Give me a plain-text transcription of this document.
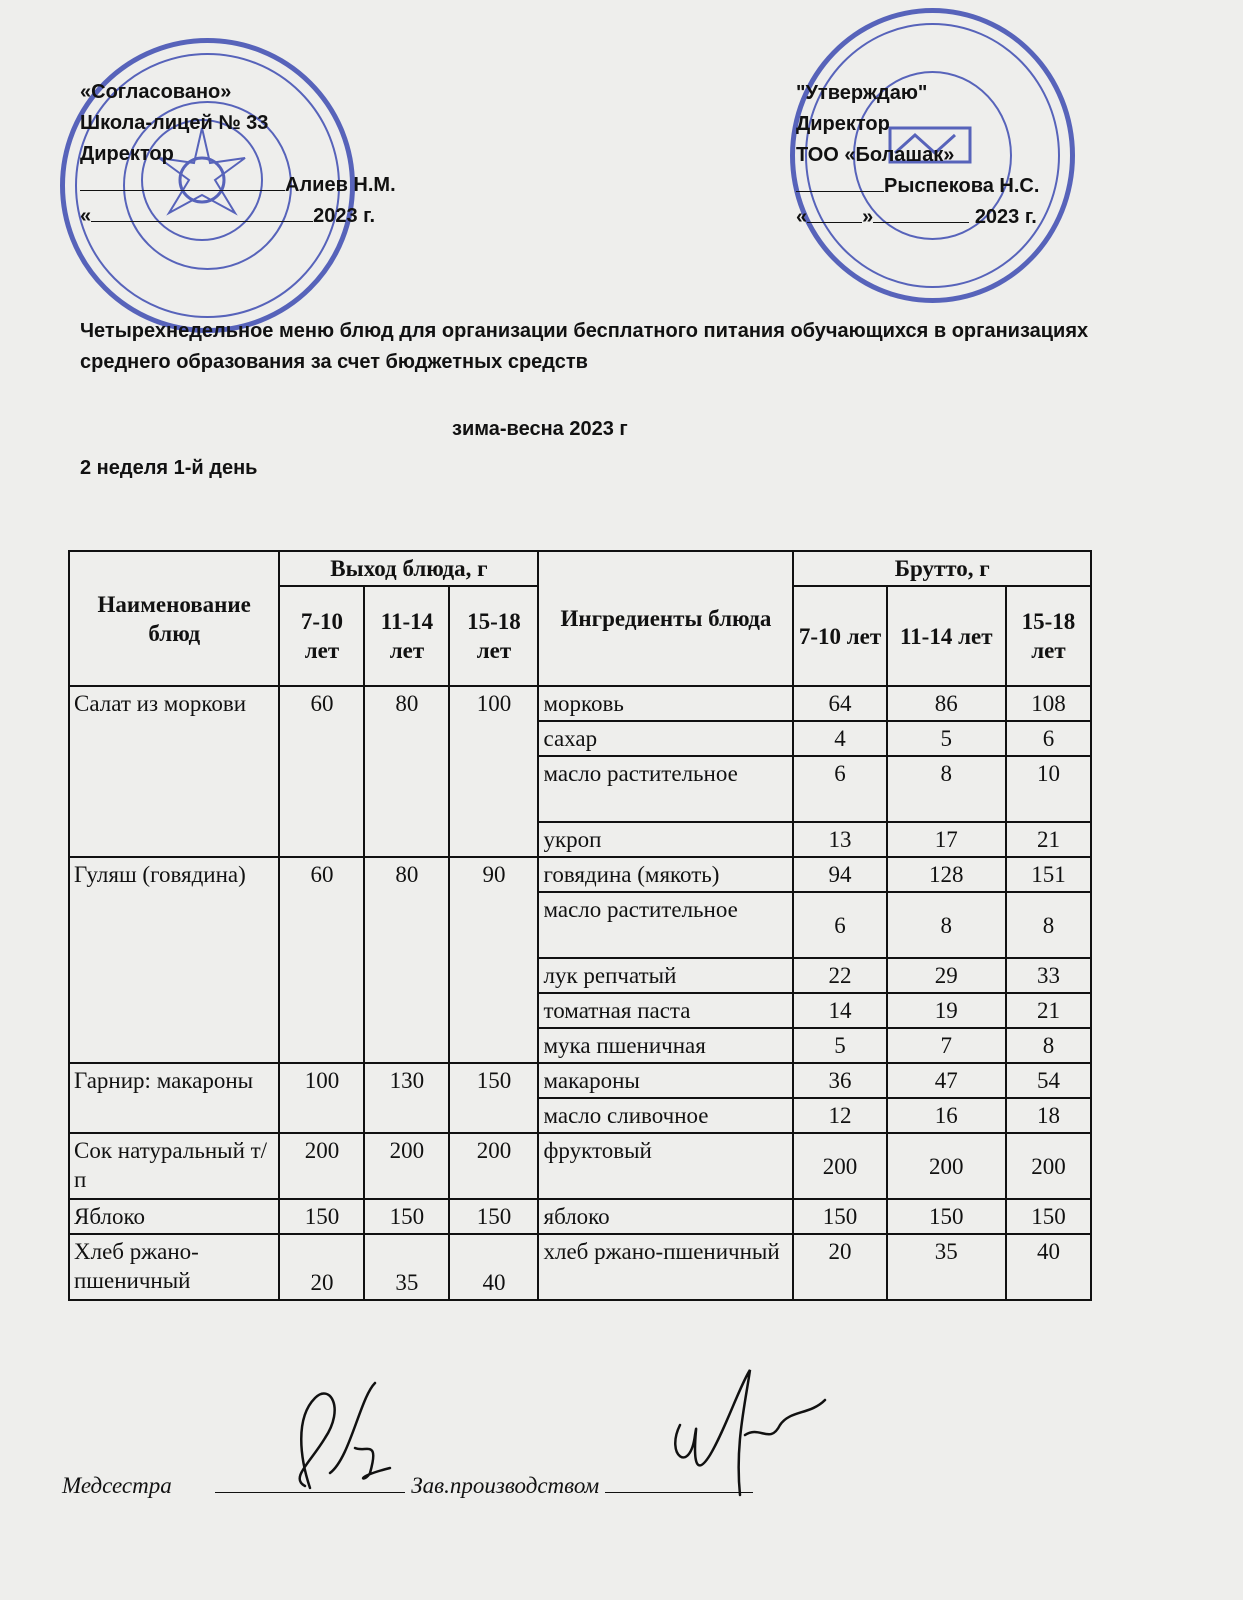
«Согласовано»
Школа-лицей № 33
Директор
Алиев Н.М.
«	2023 г.
"Утверждаю"
Директор
ТОО «Болашак»
Рыспекова Н.С.
«	»	2023 г.
Четырехнедельное меню блюд для организации бесплатного питания обучающихся в организациях среднего образования за счет бюджетных средств
зима-весна 2023 г
2 неделя 1-й день
Наименование блюд	Выход блюда, г			Ингредиенты блюда	Брутто, г		
	7-10 лет	11-14 лет	15-18 лет		7-10 лет	11-14 лет	15-18 лет
Салат из моркови	60	80	100	морковь	64	86	108
				сахар	4	5	6
				масло растительное	6	8	10
				укроп	13	17	21
Гуляш (говядина)	60	80	90	говядина (мякоть)	94	128	151
				масло растительное	6	8	8
				лук репчатый	22	29	33
				томатная паста	14	19	21
				мука пшеничная	5	7	8
Гарнир: макароны	100	130	150	макароны	36	47	54
				масло сливочное	12	16	18
Сок натуральный т/п	200	200	200	фруктовый	200	200	200
Яблоко	150	150	150	яблоко	150	150	150
Хлеб ржано-пшеничный	20	35	40	хлеб ржано-пшеничный	20	35	40
Медсестра	Зав.производством
